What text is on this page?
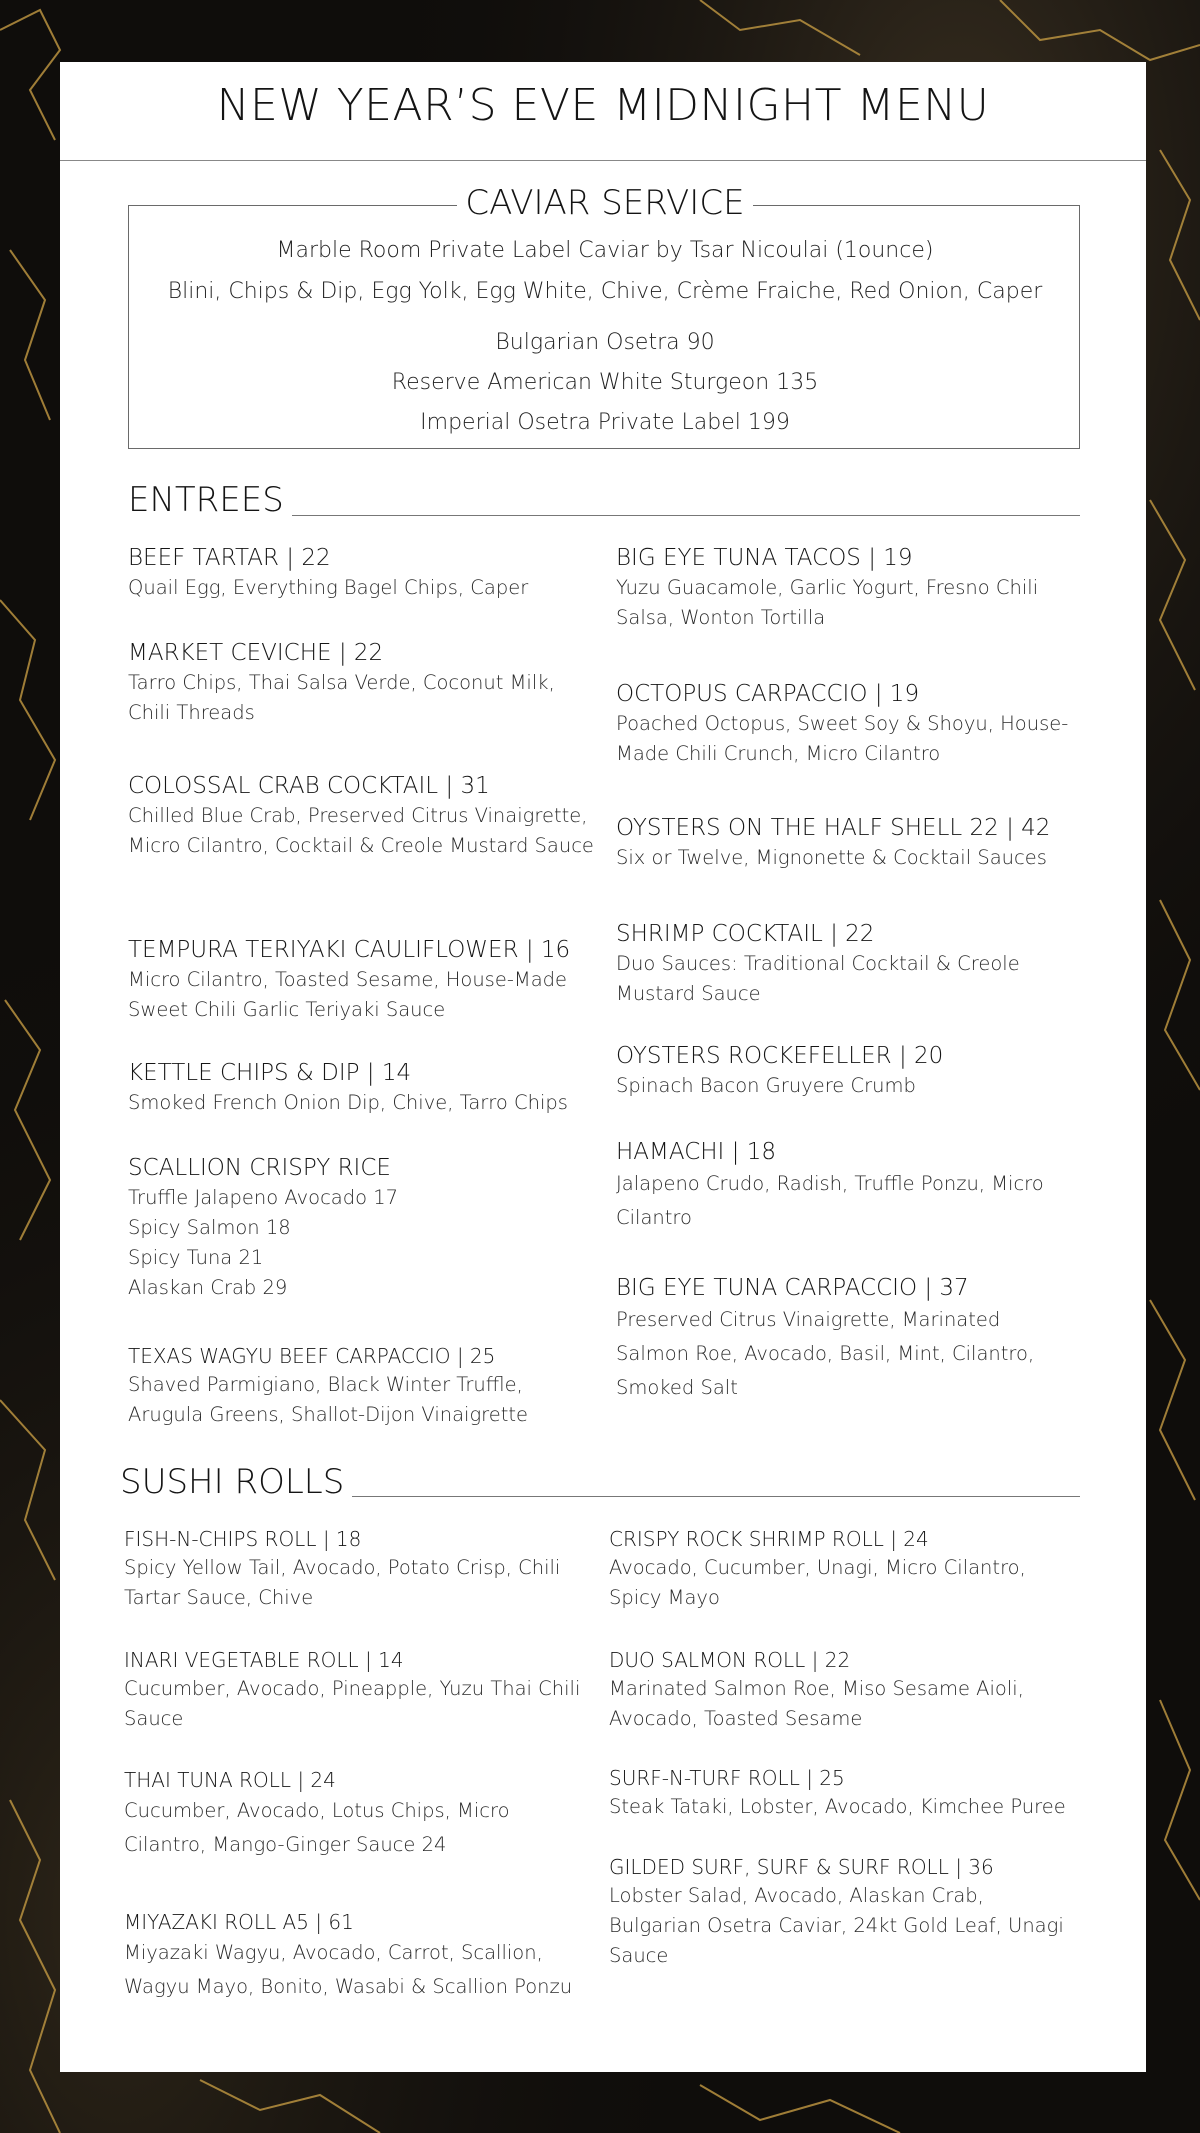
NEW YEAR’S EVE MIDNIGHT MENU
CAVIAR SERVICE
Marble Room Private Label Caviar by Tsar Nicoulai (1ounce)
Blini, Chips & Dip, Egg Yolk, Egg White, Chive, Crème Fraiche, Red Onion, Caper
Bulgarian Osetra 90
Reserve American White Sturgeon 135
Imperial Osetra Private Label 199
ENTREES
BEEF TARTAR | 22
Quail Egg, Everything Bagel Chips, Caper
MARKET CEVICHE | 22
Tarro Chips, Thai Salsa Verde, Coconut Milk, Chili Threads
COLOSSAL CRAB COCKTAIL | 31
Chilled Blue Crab, Preserved Citrus Vinaigrette, Micro Cilantro, Cocktail & Creole Mustard Sauce
TEMPURA TERIYAKI CAULIFLOWER | 16
Micro Cilantro, Toasted Sesame, House-Made Sweet Chili Garlic Teriyaki Sauce
KETTLE CHIPS & DIP | 14
Smoked French Onion Dip, Chive, Tarro Chips
SCALLION CRISPY RICE
Truffle Jalapeno Avocado 17
Spicy Salmon 18
Spicy Tuna 21
Alaskan Crab 29
TEXAS WAGYU BEEF CARPACCIO | 25
Shaved Parmigiano, Black Winter Truffle, Arugula Greens, Shallot-Dijon Vinaigrette
BIG EYE TUNA TACOS | 19
Yuzu Guacamole, Garlic Yogurt, Fresno Chili Salsa, Wonton Tortilla
OCTOPUS CARPACCIO | 19
Poached Octopus, Sweet Soy & Shoyu, House-Made Chili Crunch, Micro Cilantro
OYSTERS ON THE HALF SHELL 22 | 42
Six or Twelve, Mignonette & Cocktail Sauces
SHRIMP COCKTAIL | 22
Duo Sauces: Traditional Cocktail & Creole Mustard Sauce
OYSTERS ROCKEFELLER | 20
Spinach Bacon Gruyere Crumb
HAMACHI | 18
Jalapeno Crudo, Radish, Truffle Ponzu, Micro Cilantro
BIG EYE TUNA CARPACCIO | 37
Preserved Citrus Vinaigrette, Marinated Salmon Roe, Avocado, Basil, Mint, Cilantro, Smoked Salt
SUSHI ROLLS
FISH-N-CHIPS ROLL | 18
Spicy Yellow Tail, Avocado, Potato Crisp, Chili Tartar Sauce, Chive
INARI VEGETABLE ROLL | 14
Cucumber, Avocado, Pineapple, Yuzu Thai Chili Sauce
THAI TUNA ROLL | 24
Cucumber, Avocado, Lotus Chips, Micro Cilantro, Mango-Ginger Sauce 24
MIYAZAKI ROLL A5 | 61
Miyazaki Wagyu, Avocado, Carrot, Scallion, Wagyu Mayo, Bonito, Wasabi & Scallion Ponzu
CRISPY ROCK SHRIMP ROLL | 24
Avocado, Cucumber, Unagi, Micro Cilantro, Spicy Mayo
DUO SALMON ROLL | 22
Marinated Salmon Roe, Miso Sesame Aioli, Avocado, Toasted Sesame
SURF-N-TURF ROLL | 25
Steak Tataki, Lobster, Avocado, Kimchee Puree
GILDED SURF, SURF & SURF ROLL | 36
Lobster Salad, Avocado, Alaskan Crab, Bulgarian Osetra Caviar, 24kt Gold Leaf, Unagi Sauce
